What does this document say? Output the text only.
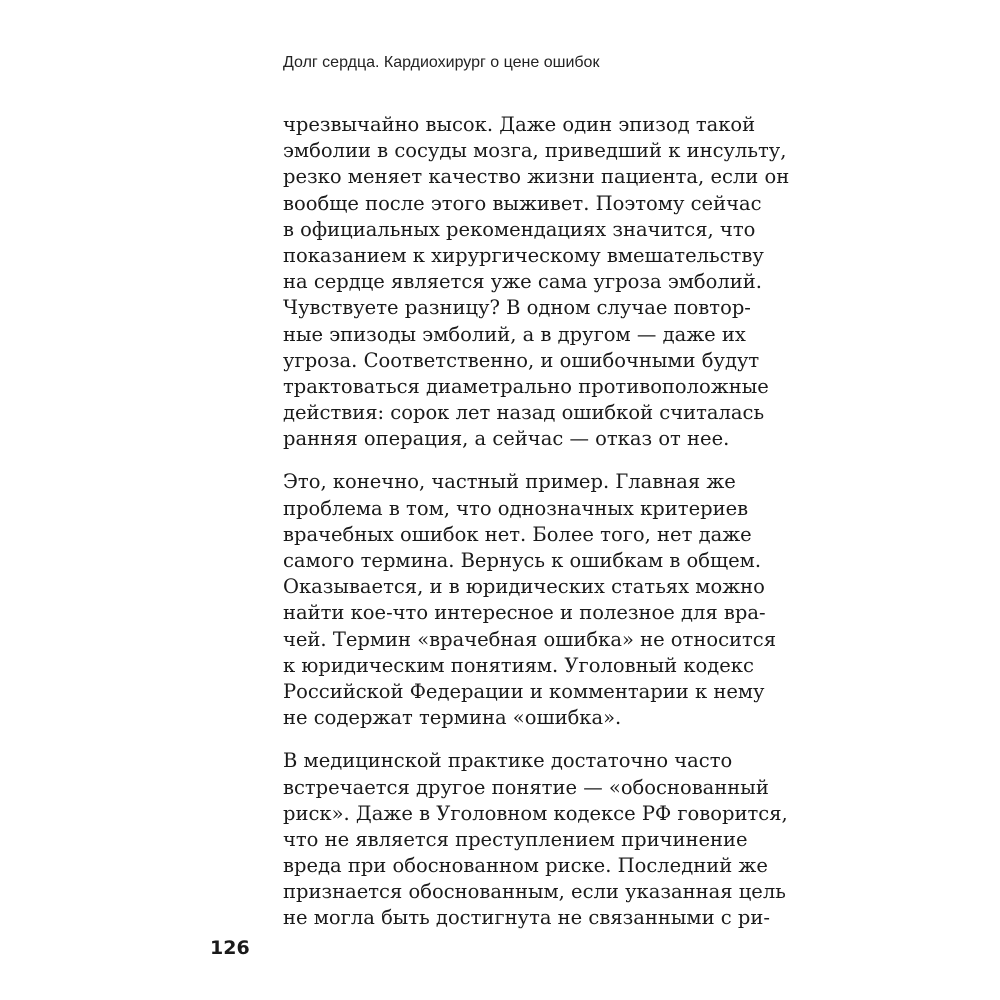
Долг сердца. Кардиохирург о цене ошибок
чрезвычайно высок. Даже один эпизод такой
эмболии в сосуды мозга, приведший к инсульту,
резко меняет качество жизни пациента, если он
вообще после этого выживет. Поэтому сейчас
в официальных рекомендациях значится, что
показанием к хирургическому вмешательству
на сердце является уже сама угроза эмболий.
Чувствуете разницу? В одном случае повтор-
ные эпизоды эмболий, а в другом — даже их
угроза. Соответственно, и ошибочными будут
трактоваться диаметрально противоположные
действия: сорок лет назад ошибкой считалась
ранняя операция, а сейчас — отказ от нее.
Это, конечно, частный пример. Главная же
проблема в том, что однозначных критериев
врачебных ошибок нет. Более того, нет даже
самого термина. Вернусь к ошибкам в общем.
Оказывается, и в юридических статьях можно
найти кое-что интересное и полезное для вра-
чей. Термин «врачебная ошибка» не относится
к юридическим понятиям. Уголовный кодекс
Российской Федерации и комментарии к нему
не содержат термина «ошибка».
В медицинской практике достаточно часто
встречается другое понятие — «обоснованный
риск». Даже в Уголовном кодексе РФ говорится,
что не является преступлением причинение
вреда при обоснованном риске. Последний же
признается обоснованным, если указанная цель
не могла быть достигнута не связанными с ри-
126
